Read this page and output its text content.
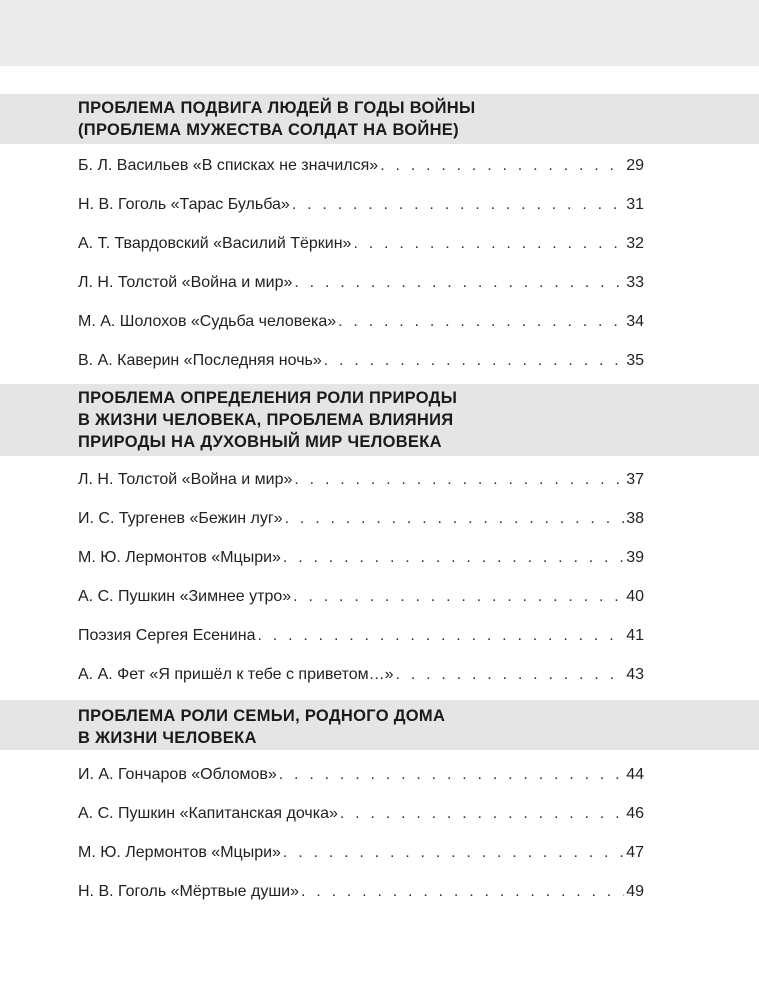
ПРОБЛЕМА ПОДВИГА ЛЮДЕЙ В ГОДЫ ВОЙНЫ
(ПРОБЛЕМА МУЖЕСТВА СОЛДАТ НА ВОЙНЕ)
Б. Л. Васильев «В списках не значился» . . .	29
Н. В. Гоголь «Тарас Бульба» . . .	31
А. Т. Твардовский «Василий Тёркин» . . .	32
Л. Н. Толстой «Война и мир» . . .	33
М. А. Шолохов «Судьба человека» . . .	34
В. А. Каверин «Последняя ночь» . . .	35
ПРОБЛЕМА ОПРЕДЕЛЕНИЯ РОЛИ ПРИРОДЫ
В ЖИЗНИ ЧЕЛОВЕКА, ПРОБЛЕМА ВЛИЯНИЯ
ПРИРОДЫ НА ДУХОВНЫЙ МИР ЧЕЛОВЕКА
Л. Н. Толстой «Война и мир» . . .	37
И. С. Тургенев «Бежин луг» . . .	38
М. Ю. Лермонтов «Мцыри» . . .	39
А. С. Пушкин «Зимнее утро» . . .	40
Поэзия Сергея Есенина . . .	41
А. А. Фет «Я пришёл к тебе с приветом…» . . .	43
ПРОБЛЕМА РОЛИ СЕМЬИ, РОДНОГО ДОМА
В ЖИЗНИ ЧЕЛОВЕКА
И. А. Гончаров «Обломов» . . .	44
А. С. Пушкин «Капитанская дочка» . . .	46
М. Ю. Лермонтов «Мцыри» . . .	47
Н. В. Гоголь «Мёртвые души» . . .	49
